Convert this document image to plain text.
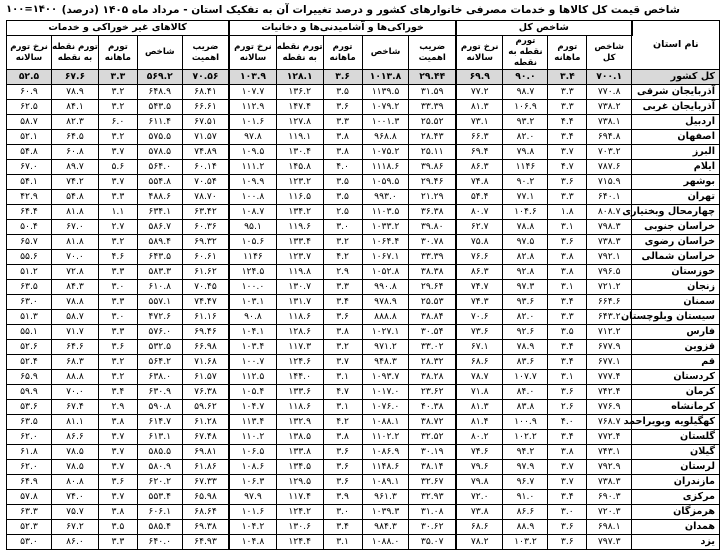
شاخص قیمت کل کالاها و خدمات مصرفی خانوارهای کشور و درصد تغییرات آن به تفکیک استان - مرداد ماه ۱۴۰۵ (درصد)
۱۴۰۰=۱۰۰
نام استان	شاخص کل				خوراکی‌ها و آشامیدنی‌ها و دخانیات					کالاهای غیر خوراکی و خدمات				
	شاخص کل	تورم ماهانه	تورم نقطه به نقطه	نرخ تورم سالانه	ضریب اهمیت	شاخص	تورم ماهانه	تورم نقطه به نقطه	نرخ تورم سالانه	ضریب اهمیت	شاخص	تورم ماهانه	تورم نقطه به نقطه	نرخ تورم سالانه
کل کشور	۷۰۰.۱	۳.۴	۹۰.۰	۶۹.۹	۲۹.۴۴	۱۰۱۳.۸	۳.۶	۱۲۸.۱	۱۰۳.۹	۷۰.۵۶	۵۶۹.۲	۳.۳	۶۷.۶	۵۲.۵
آذربایجان شرقی	۷۷۰.۸	۳.۳	۹۸.۷	۷۷.۲	۳۱.۵۹	۱۱۳۹.۵	۳.۵	۱۳۶.۲	۱۰۷.۷	۶۸.۴۱	۶۴۸.۹	۳.۲	۷۸.۹	۶۰.۹
آذربایجان غربی	۷۳۸.۲	۳.۳	۱۰۶.۹	۸۱.۳	۳۳.۳۹	۱۰۷۹.۲	۳.۶	۱۴۷.۴	۱۱۲.۹	۶۶.۶۱	۵۴۳.۵	۳.۲	۸۴.۱	۶۲.۵
اردبیل	۷۳۸.۱	۴.۴	۹۳.۲	۷۳.۱	۲۵.۵۲	۱۰۰۱.۳	۳.۳	۱۲۷.۸	۱۰۱.۶	۶۷.۵۱	۶۱۱.۴	۶.۰	۸۲.۳	۵۸.۷
اصفهان	۶۹۴.۸	۳.۴	۸۲.۰	۶۶.۳	۲۸.۴۳	۹۶۸.۸	۳.۸	۱۱۹.۱	۹۷.۸	۷۱.۵۷	۵۷۵.۵	۳.۲	۶۴.۵	۵۲.۱
البرز	۷۰۳.۲	۳.۷	۷۹.۸	۶۹.۴	۲۵.۱۱	۱۰۷۵.۲	۳.۸	۱۳۰.۴	۱۰۹.۵	۷۴.۸۹	۵۷۸.۵	۳.۷	۶۰.۸	۵۴.۸
ایلام	۷۸۷.۶	۴.۷	۱۱۴۶	۸۶.۳	۳۹.۸۶	۱۱۱۸.۶	۴.۰	۱۴۵.۸	۱۱۱.۲	۶۰.۱۴	۵۶۴.۰	۵.۶	۸۹.۷	۶۷.۰
بوشهر	۷۱۵.۹	۳.۶	۹۰.۲	۷۴.۸	۲۹.۴۶	۱۰۵۹.۵	۳.۵	۱۲۳.۲	۱۰۹.۹	۷۰.۵۴	۵۵۴.۸	۳.۷	۷۴.۲	۵۴.۱
تهران	۶۴۰.۱	۳.۳	۷۷.۱	۵۴.۴	۲۱.۲۹	۹۹۳.۰	۳.۵	۱۱۶.۵	۱۰۰.۸	۷۸.۷۰	۴۸۸.۶	۳.۳	۵۴.۸	۴۲.۹
چهارمحال وبختیاری	۸۰۸.۷	۱.۸	۱۰۴.۶	۸۰.۷	۳۶.۳۸	۱۱۰۳.۵	۲.۵	۱۳۴.۲	۱۰۸.۷	۶۳.۴۲	۶۳۴.۱	۱.۱	۸۱.۸	۶۴.۴
خراسان جنوبی	۷۹۸.۳	۳.۱	۷۸.۸	۶۲.۷	۳۹.۸۰	۱۰۳۳.۲	۳.۰	۱۱۹.۶	۹۵.۱	۶۰.۳۶	۵۸۶.۷	۲.۷	۶۷.۰	۵۰.۴
خراسان رضوی	۷۳۸.۳	۳.۶	۹۷.۵	۷۵.۸	۳۰.۷۸	۱۰۶۴.۴	۳.۲	۱۳۳.۴	۱۰۵.۶	۶۹.۳۲	۵۸۹.۴	۳.۲	۸۱.۸	۶۵.۷
خراسان شمالی	۷۹۲.۱	۳.۸	۸۲.۸	۷۶.۶	۳۳.۳۹	۱۰۶۷.۱	۴.۲	۱۲۳.۷	۱۱۴۶	۶۰.۶۱	۶۴۳.۵	۴.۶	۷۰.۰	۵۵.۶
خوزستان	۷۹۶.۵	۳.۸	۹۲.۸	۸۶.۳	۳۸.۳۸	۱۰۵۲.۸	۲.۹	۱۱۹.۸	۱۲۴.۵	۶۱.۶۲	۵۸۳.۳	۳.۳	۷۲.۸	۵۱.۲
زنجان	۷۲۱.۲	۳.۱	۹۷.۳	۷۴.۷	۲۹.۶۴	۹۹۰.۸	۳.۳	۱۳۰.۷	۱۰۰.۰	۷۰.۴۵	۶۱۰.۸	۳.۰	۸۴.۳	۶۳.۵
سمنان	۶۶۴.۶	۳.۴	۹۳.۶	۷۴.۳	۲۵.۵۳	۹۷۸.۹	۳.۴	۱۳۱.۷	۱۰۳.۱	۷۴.۴۷	۵۵۷.۱	۳.۳	۷۸.۸	۶۳.۰
سیستان وبلوچستان	۶۴۳.۲	۳.۳	۸۲.۰	۷۰.۶	۳۸.۸۴	۸۸۸.۸	۳.۶	۱۱۸.۶	۹۰.۸	۶۱.۱۶	۴۷۲.۶	۳.۰	۵۸.۷	۵۱.۳
فارس	۷۱۲.۲	۳.۵	۹۲.۶	۷۳.۶	۳۰.۵۴	۱۰۲۷.۱	۳.۸	۱۲۸.۶	۱۰۴.۱	۶۹.۴۶	۵۷۶.۰	۳.۳	۷۱.۷	۵۵.۱
قزوین	۶۷۷.۹	۳.۴	۷۸.۹	۶۷.۱	۳۳.۰۲	۹۷۱.۲	۳.۲	۱۱۷.۳	۱۰۳.۴	۶۶.۹۸	۵۳۲.۵	۳.۶	۶۴.۶	۵۲.۶
قم	۶۷۷.۱	۳.۴	۸۳.۶	۶۸.۶	۲۸.۳۲	۹۴۸.۳	۳.۷	۱۲۴.۶	۱۰۰.۷	۷۱.۶۸	۵۶۴.۲	۳.۲	۶۸.۳	۵۲.۴
کردستان	۷۷۷.۴	۳.۱	۱۰۷.۷	۷۸.۷	۳۸.۲۸	۱۰۹۳.۷	۳.۱	۱۴۴.۰	۱۱۲.۵	۶۱.۵۷	۶۳۸.۰	۳.۲	۸۸.۸	۶۵.۹
کرمان	۷۴۲.۴	۳.۶	۸۴.۰	۷۱.۸	۲۳.۶۲	۱۰۱۷.۰	۴.۷	۱۳۳.۶	۱۰۵.۴	۷۶.۳۸	۶۳۰.۹	۳.۴	۷۰.۰	۵۹.۹
کرمانشاه	۷۷۶.۹	۲.۶	۸۳.۸	۸۱.۳	۴۰.۳۸	۱۰۷۶.۰	۳.۱	۱۱۸.۶	۱۰۴.۷	۵۹.۶۲	۵۹۰.۸	۲.۹	۶۷.۴	۵۳.۶
کهگیلویه وبویراحمد	۷۶۸.۷	۴.۰	۱۰۰.۹	۸۱.۴	۳۸.۷۲	۱۰۸۸.۱	۴.۲	۱۳۲.۹	۱۱۳.۴	۶۱.۲۸	۶۱۴.۷	۳.۸	۸۱.۱	۶۳.۵
گلستان	۷۷۲.۴	۳.۴	۱۰۲.۲	۸۰.۲	۳۲.۵۲	۱۱۰۲.۲	۳.۸	۱۳۸.۵	۱۱۰.۲	۶۷.۴۸	۶۱۳.۱	۳.۷	۸۶.۶	۶۲.۰
گیلان	۷۴۳.۱	۳.۸	۹۴.۲	۷۴.۶	۳۰.۱۹	۱۰۸۶.۹	۳.۶	۱۳۳.۸	۱۰۶.۵	۶۹.۸۱	۵۸۵.۵	۳.۷	۷۸.۵	۶۱.۸
لرستان	۷۹۲.۹	۳.۷	۹۷.۹	۷۹.۶	۳۸.۱۴	۱۱۴۸.۶	۳.۶	۱۳۴.۵	۱۰۸.۶	۶۱.۸۶	۵۸۰.۹	۳.۷	۷۸.۵	۶۲.۰
مازندران	۷۳۸.۳	۳.۷	۹۶.۷	۷۹.۸	۳۲.۶۷	۱۰۸۹.۱	۳.۶	۱۲۹.۵	۱۰۶.۳	۶۷.۳۳	۶۲۰.۲	۳.۶	۸۰.۸	۶۴.۹
مرکزی	۶۹۰.۳	۳.۴	۹۱.۰	۷۲.۰	۳۲.۹۳	۹۶۱.۳	۳.۹	۱۱۷.۴	۹۷.۹	۶۵.۹۸	۵۵۳.۴	۳.۷	۷۴.۰	۵۷.۸
هرمزگان	۷۲۰.۳	۳.۰	۸۶.۶	۷۳.۸	۳۱.۰۸	۱۰۳۹.۳	۳.۰	۱۲۴.۲	۱۰۱.۶	۶۸.۶۴	۶۰۶.۱	۳.۸	۷۵.۷	۶۳.۳
همدان	۶۹۸.۱	۳.۶	۸۸.۹	۶۸.۶	۳۰.۶۲	۹۸۴.۳	۳.۴	۱۳۰.۶	۱۰۴.۲	۶۹.۳۸	۵۸۵.۴	۳.۵	۶۷.۲	۵۲.۳
یزد	۷۹۷.۳	۳.۶	۱۰۳.۲	۷۸.۲	۳۵.۰۷	۱۰۸۸.۰	۳.۱	۱۲۴.۴	۱۰۴.۸	۶۴.۹۳	۶۴۰.۰	۳.۳	۸۶.۰	۵۳.۰
